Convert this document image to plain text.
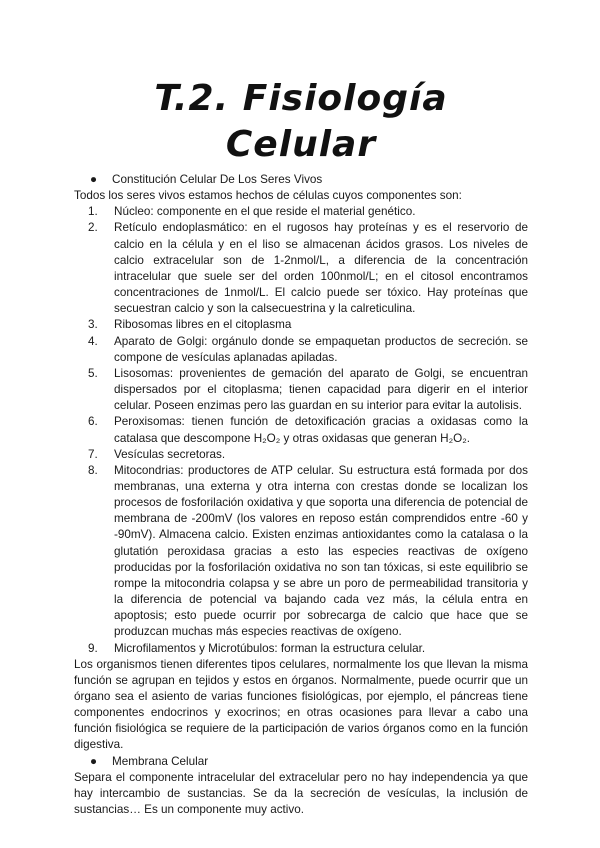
T.2. Fisiología Celular
●	Constitución Celular De Los Seres Vivos

Todos los seres vivos estamos hechos de células cuyos componentes son:

1.	Núcleo: componente en el que reside el material genético.
2.	Retículo endoplasmático: en el rugosos hay proteínas y es el reservorio de calcio en la célula y en el liso se almacenan ácidos grasos. Los niveles de calcio extracelular son de 1-2nmol/L, a diferencia de la concentración intracelular que suele ser del orden 100nmol/L; en el citosol encontramos concentraciones de 1nmol/L. El calcio puede ser tóxico. Hay proteínas que secuestran calcio y son la calsecuestrina y la calreticulina.
3.	Ribosomas libres en el citoplasma
4.	Aparato de Golgi: orgánulo donde se empaquetan productos de secreción. se compone de vesículas aplanadas apiladas.
5.	Lisosomas: provenientes de gemación del aparato de Golgi, se encuentran dispersados por el citoplasma; tienen capacidad para digerir en el interior celular. Poseen enzimas pero las guardan en su interior para evitar la autolisis.
6.	Peroxisomas: tienen función de detoxificación gracias a oxidasas como la catalasa que descompone H₂O₂ y otras oxidasas que generan H₂O₂.
7.	Vesículas secretoras.
8.	Mitocondrias: productores de ATP celular. Su estructura está formada por dos membranas, una externa y otra interna con crestas donde se localizan los procesos de fosforilación oxidativa y que soporta una diferencia de potencial de membrana de -200mV (los valores en reposo están comprendidos entre -60 y -90mV). Almacena calcio. Existen enzimas antioxidantes como la catalasa o la glutatión peroxidasa gracias a esto las especies reactivas de oxígeno producidas por la fosforilación oxidativa no son tan tóxicas, si este equilibrio se rompe la mitocondria colapsa y se abre un poro de permeabilidad transitoria y la diferencia de potencial va bajando cada vez más, la célula entra en apoptosis; esto puede ocurrir por sobrecarga de calcio que hace que se produzcan muchas más especies reactivas de oxígeno.
9.	Microfilamentos y Microtúbulos: forman la estructura celular.

Los organismos tienen diferentes tipos celulares, normalmente los que llevan la misma función se agrupan en tejidos y estos en órganos. Normalmente, puede ocurrir que un órgano sea el asiento de varias funciones fisiológicas, por ejemplo, el páncreas tiene componentes endocrinos y exocrinos; en otras ocasiones para llevar a cabo una función fisiológica se requiere de la participación de varios órganos como en la función digestiva.

●	Membrana Celular

Separa el componente intracelular del extracelular pero no hay independencia ya que hay intercambio de sustancias. Se da la secreción de vesículas, la inclusión de sustancias… Es un componente muy activo.
